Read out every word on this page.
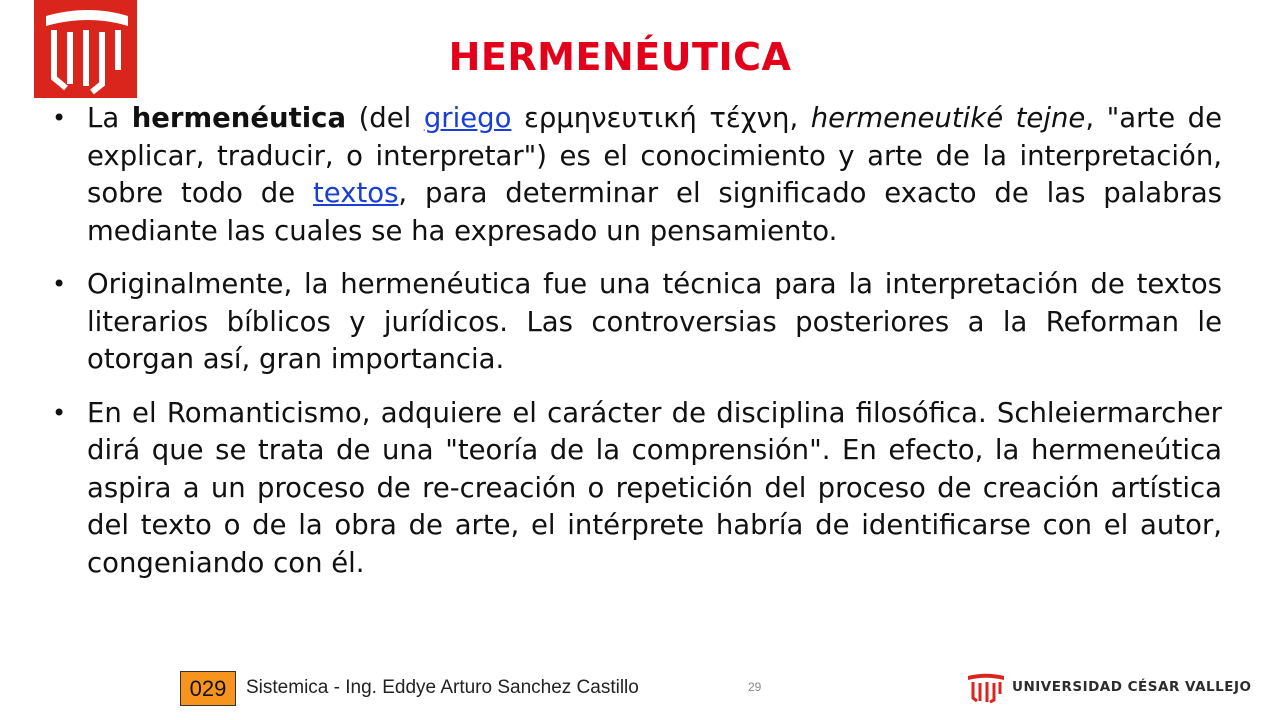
HERMENÉUTICA
• La hermenéutica (del griego ερμηνευτική τέχνη, hermeneutiké tejne, "arte de explicar, traducir, o interpretar") es el conocimiento y arte de la interpretación, sobre todo de textos, para determinar el significado exacto de las palabras mediante las cuales se ha expresado un pensamiento.
• Originalmente, la hermenéutica fue una técnica para la interpretación de textos literarios bíblicos y jurídicos. Las controversias posteriores a la Reforman le otorgan así, gran importancia.
• En el Romanticismo, adquiere el carácter de disciplina filosófica. Schleiermarcher dirá que se trata de una "teoría de la comprensión". En efecto, la hermeneútica aspira a un proceso de re-creación o repetición del proceso de creación artística del texto o de la obra de arte, el intérprete habría de identificarse con el autor, congeniando con él.
029	Sistemica - Ing. Eddye Arturo Sanchez Castillo	29	UNIVERSIDAD CÉSAR VALLEJO
